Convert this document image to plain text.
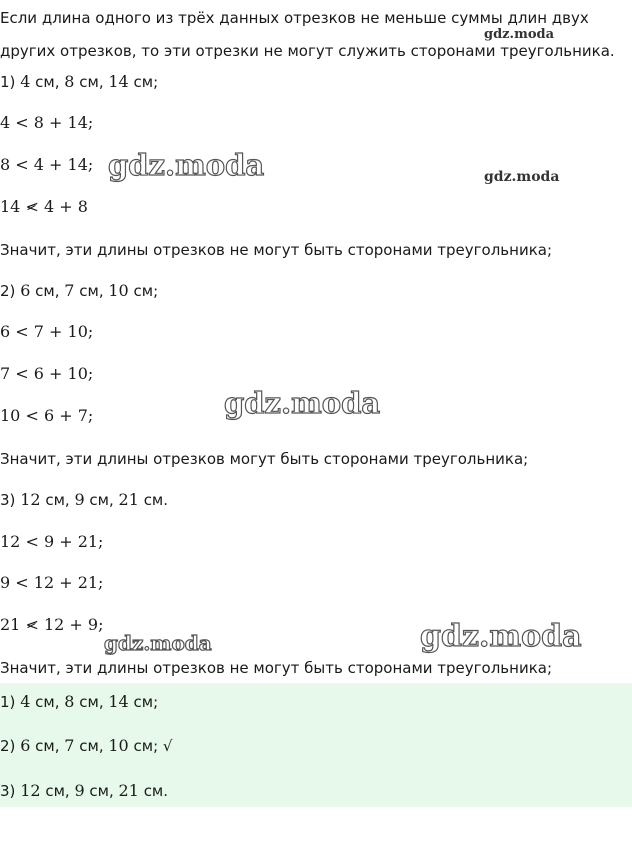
Если длина одного из трёх данных отрезков не меньше суммы длин двух
других отрезков, то эти отрезки не могут служить сторонами треугольника.
1) 4 см, 8 см, 14 см;
4 < 8 + 14;
8 < 4 + 14;
14 < 4 + 8
Значит, эти длины отрезков не могут быть сторонами треугольника;
2) 6 см, 7 см, 10 см;
6 < 7 + 10;
7 < 6 + 10;
10 < 6 + 7;
Значит, эти длины отрезков могут быть сторонами треугольника;
3) 12 см, 9 см, 21 см.
12 < 9 + 21;
9 < 12 + 21;
21 < 12 + 9;
Значит, эти длины отрезков не могут быть сторонами треугольника;
1) 4 см, 8 см, 14 см;
2) 6 см, 7 см, 10 см; √
3) 12 см, 9 см, 21 см.
gdz.moda
gdz.moda	gdz.moda
gdz.moda
gdz.moda	gdz.moda
